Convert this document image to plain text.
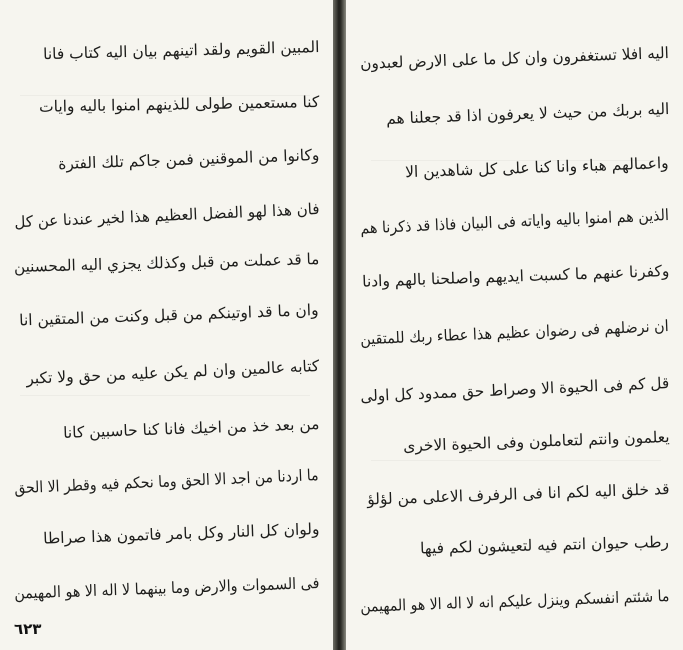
المبين القويم ولقد اتينهم بيان اليه كتاب فانا

كنا مستعمين طولى للذينهم امنوا باليه وايات

وكانوا من الموقنين فمن جاكم تلك الفترة

فان هذا لهو الفضل العظيم هذا لخير عندنا عن كل

ما قد عملت من قبل وكذلك يجزي اليه المحسنين

وان ما قد اوتينكم من قبل وكنت من المتقين انا

كتابه عالمين وان لم يكن عليه من حق ولا تكبر

من بعد خذ من اخيك فانا كنا حاسبين كانا

ما اردنا من اجد الا الحق وما نحكم فيه وقطر الا الحق

ولوان كل النار وكل بامر فاتمون هذا صراطا

فى السموات والارض وما بينهما لا اله الا هو المهيمن

٦٢٣

اليه افلا تستغفرون وان كل ما على الارض لعبدون

اليه بربك من حيث لا يعرفون اذا قد جعلنا هم

واعمالهم هباء وانا كنا على كل شاهدين الا

الذين هم امنوا باليه واياته فى البيان فاذا قد ذكرنا هم

وكفرنا عنهم ما كسبت ايديهم واصلحنا بالهم وادنا

ان نرضلهم فى رضوان عظيم هذا عطاء ربك للمتقين

قل كم فى الحيوة الا وصراط حق ممدود كل اولى

يعلمون وانتم لتعاملون وفى الحيوة الاخرى

قد خلق اليه لكم انا فى الرفرف الاعلى من لؤلؤ

رطب حيوان انتم فيه لتعيشون لكم فيها

ما شئتم انفسكم وينزل عليكم انه لا اله الا هو المهيمن
